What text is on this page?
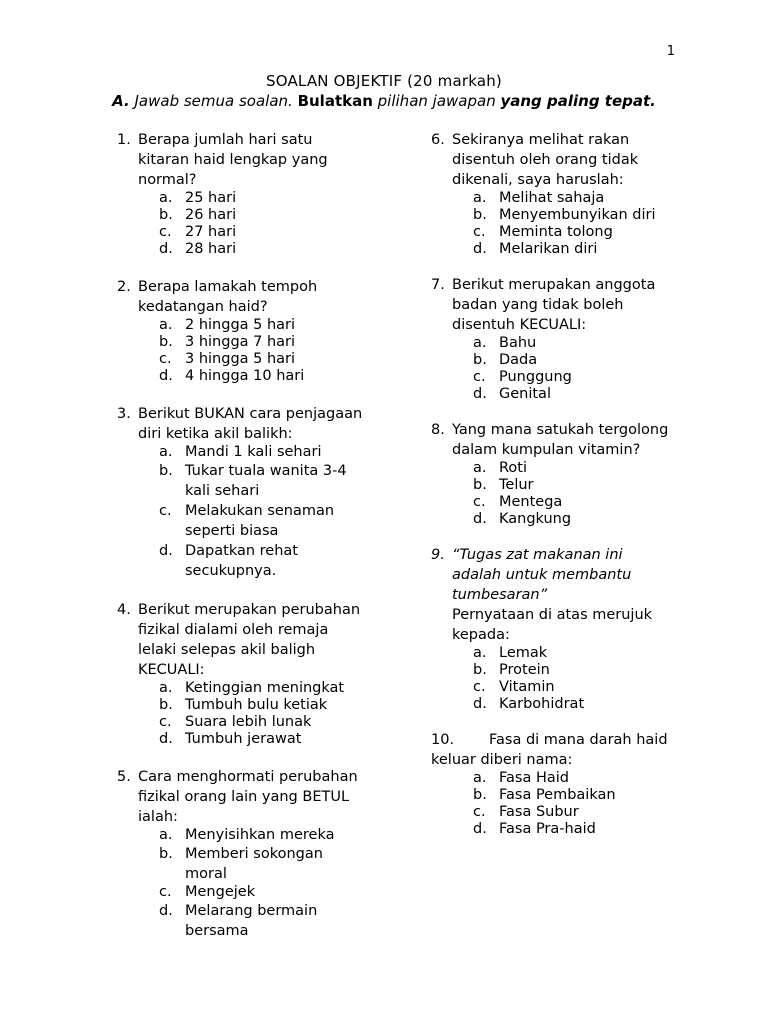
1
SOALAN OBJEKTIF (20 markah)
A. Jawab semua soalan. Bulatkan pilihan jawapan yang paling tepat.
1. Berapa jumlah hari satu kitaran haid lengkap yang normal?
a. 25 hari
b. 26 hari
c. 27 hari
d. 28 hari
2. Berapa lamakah tempoh kedatangan haid?
a. 2 hingga 5 hari
b. 3 hingga 7 hari
c. 3 hingga 5 hari
d. 4 hingga 10 hari
3. Berikut BUKAN cara penjagaan diri ketika akil balikh:
a. Mandi 1 kali sehari
b. Tukar tuala wanita 3-4 kali sehari
c. Melakukan senaman seperti biasa
d. Dapatkan rehat secukupnya.
4. Berikut merupakan perubahan fizikal dialami oleh remaja lelaki selepas akil baligh KECUALI:
a. Ketinggian meningkat
b. Tumbuh bulu ketiak
c. Suara lebih lunak
d. Tumbuh jerawat
5. Cara menghormati perubahan fizikal orang lain yang BETUL ialah:
a. Menyisihkan mereka
b. Memberi sokongan moral
c. Mengejek
d. Melarang bermain bersama
6. Sekiranya melihat rakan disentuh oleh orang tidak dikenali, saya haruslah:
a. Melihat sahaja
b. Menyembunyikan diri
c. Meminta tolong
d. Melarikan diri
7. Berikut merupakan anggota badan yang tidak boleh disentuh KECUALI:
a. Bahu
b. Dada
c. Punggung
d. Genital
8. Yang mana satukah tergolong dalam kumpulan vitamin?
a. Roti
b. Telur
c. Mentega
d. Kangkung
9. “Tugas zat makanan ini adalah untuk membantu tumbesaran”
Pernyataan di atas merujuk kepada:
a. Lemak
b. Protein
c. Vitamin
d. Karbohidrat
10. Fasa di mana darah haid keluar diberi nama:
a. Fasa Haid
b. Fasa Pembaikan
c. Fasa Subur
d. Fasa Pra-haid
